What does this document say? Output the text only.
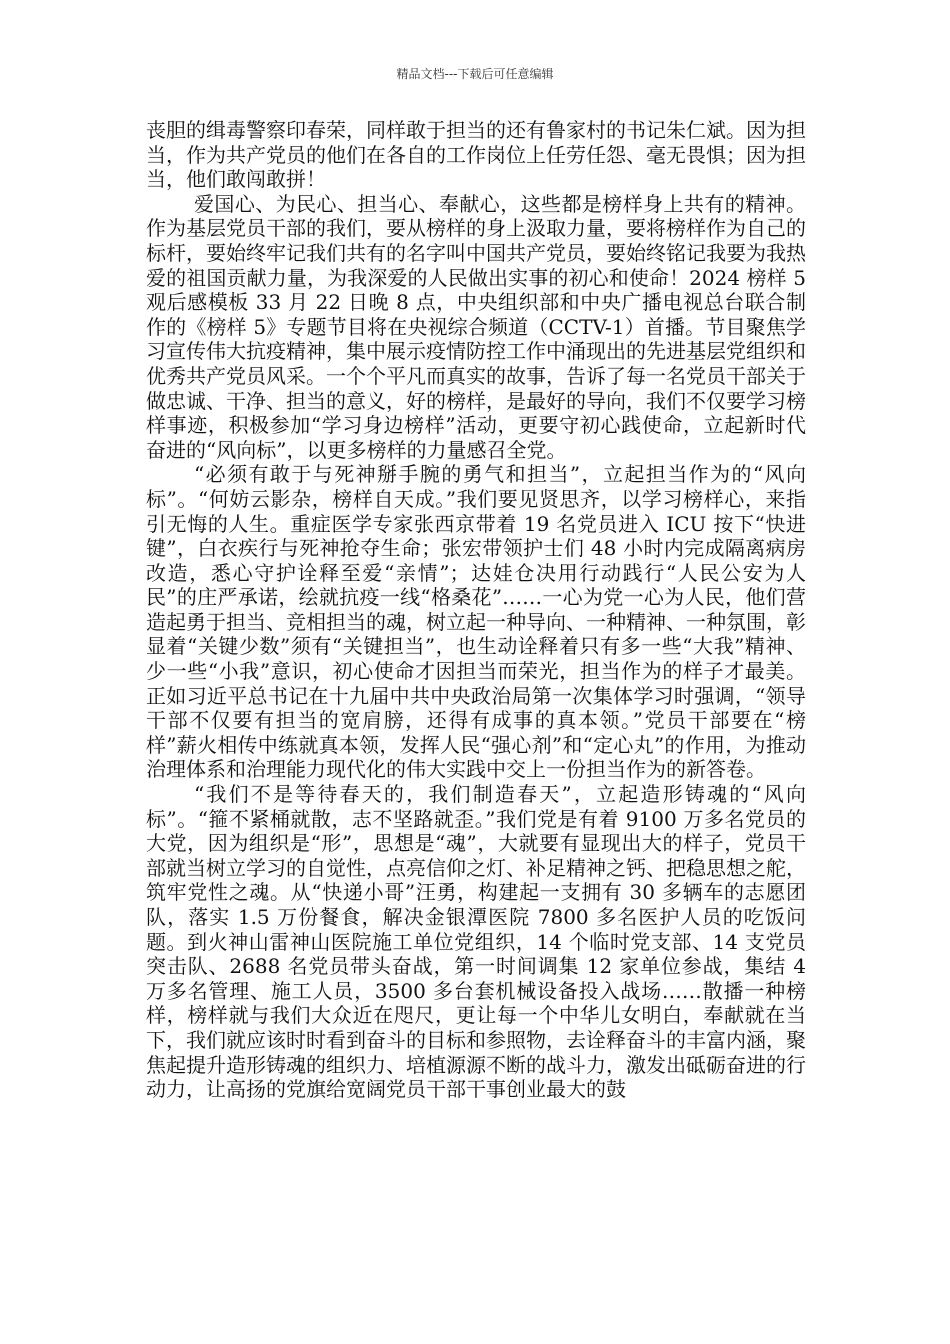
精品文档---下载后可任意编辑

丧胆的缉毒警察印春荣，同样敢于担当的还有鲁家村的书记朱仁斌。因为担当，作为共产党员的他们在各自的工作岗位上任劳任怨、毫无畏惧；因为担当，他们敢闯敢拼！

爱国心、为民心、担当心、奉献心，这些都是榜样身上共有的精神。作为基层党员干部的我们，要从榜样的身上汲取力量，要将榜样作为自己的标杆，要始终牢记我们共有的名字叫中国共产党员，要始终铭记我要为我热爱的祖国贡献力量，为我深爱的人民做出实事的初心和使命！2024 榜样 5 观后感模板 33 月 22 日晚 8 点，中央组织部和中央广播电视总台联合制作的《榜样 5》专题节目将在央视综合频道（CCTV-1）首播。节目聚焦学习宣传伟大抗疫精神，集中展示疫情防控工作中涌现出的先进基层党组织和优秀共产党员风采。一个个平凡而真实的故事，告诉了每一名党员干部关于做忠诚、干净、担当的意义，好的榜样，是最好的导向，我们不仅要学习榜样事迹，积极参加“学习身边榜样”活动，更要守初心践使命，立起新时代奋进的“风向标”，以更多榜样的力量感召全党。

“必须有敢于与死神掰手腕的勇气和担当”，立起担当作为的“风向标”。“何妨云影杂，榜样自天成。”我们要见贤思齐，以学习榜样心，来指引无悔的人生。重症医学专家张西京带着 19 名党员进入 ICU 按下“快进键”，白衣疾行与死神抢夺生命；张宏带领护士们 48 小时内完成隔离病房改造，悉心守护诠释至爱“亲情”；达娃仓决用行动践行“人民公安为人民”的庄严承诺，绘就抗疫一线“格桑花”……一心为党一心为人民，他们营造起勇于担当、竞相担当的魂，树立起一种导向、一种精神、一种氛围，彰显着“关键少数”须有“关键担当”，也生动诠释着只有多一些“大我”精神、少一些“小我”意识，初心使命才因担当而荣光，担当作为的样子才最美。正如习近平总书记在十九届中共中央政治局第一次集体学习时强调，“领导干部不仅要有担当的宽肩膀，还得有成事的真本领。”党员干部要在“榜样”薪火相传中练就真本领，发挥人民“强心剂”和“定心丸”的作用，为推动治理体系和治理能力现代化的伟大实践中交上一份担当作为的新答卷。

“我们不是等待春天的，我们制造春天”，立起造形铸魂的“风向标”。“箍不紧桶就散，志不坚路就歪。”我们党是有着 9100 万多名党员的大党，因为组织是“形”，思想是“魂”，大就要有显现出大的样子，党员干部就当树立学习的自觉性，点亮信仰之灯、补足精神之钙、把稳思想之舵，筑牢党性之魂。从“快递小哥”汪勇，构建起一支拥有 30 多辆车的志愿团队，落实 1.5 万份餐食，解决金银潭医院 7800 多名医护人员的吃饭问题。到火神山雷神山医院施工单位党组织，14 个临时党支部、14 支党员突击队、2688 名党员带头奋战，第一时间调集 12 家单位参战，集结 4 万多名管理、施工人员，3500 多台套机械设备投入战场……散播一种榜样，榜样就与我们大众近在咫尺，更让每一个中华儿女明白，奉献就在当下，我们就应该时时看到奋斗的目标和参照物，去诠释奋斗的丰富内涵，聚焦起提升造形铸魂的组织力、培植源源不断的战斗力，激发出砥砺奋进的行动力，让高扬的党旗给宽阔党员干部干事创业最大的鼓
